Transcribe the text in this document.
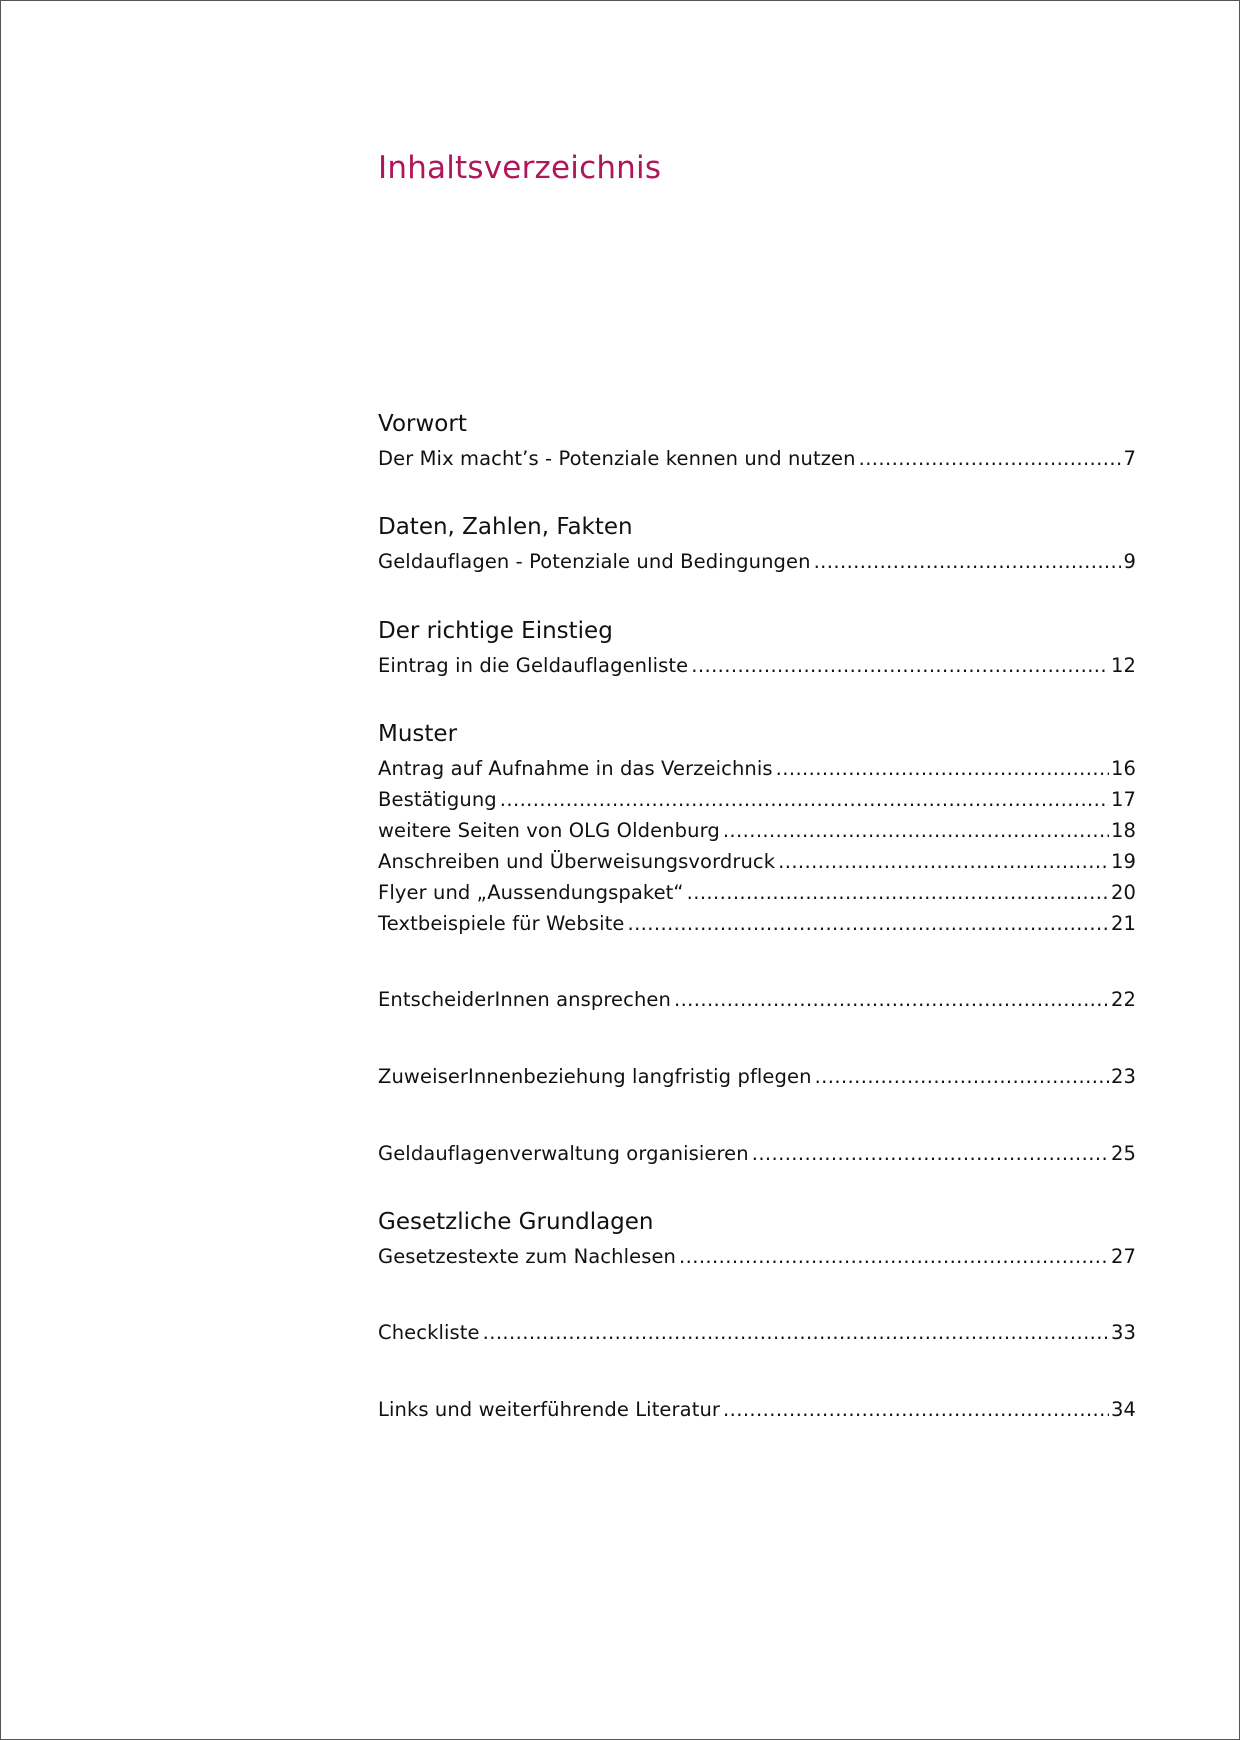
Inhaltsverzeichnis
Vorwort
Der Mix macht’s - Potenziale kennen und nutzen .....	7
Daten, Zahlen, Fakten
Geldauflagen - Potenziale und Bedingungen .....	9
Der richtige Einstieg
Eintrag in die Geldauflagenliste .....	12
Muster
Antrag auf Aufnahme in das Verzeichnis .....	16
Bestätigung .....	17
weitere Seiten von OLG Oldenburg .....	18
Anschreiben und Überweisungsvordruck .....	19
Flyer und „Aussendungspaket“ .....	20
Textbeispiele für Website .....	21
EntscheiderInnen ansprechen .....	22
ZuweiserInnenbeziehung langfristig pflegen .....	23
Geldauflagenverwaltung organisieren .....	25
Gesetzliche Grundlagen
Gesetzestexte zum Nachlesen .....	27
Checkliste .....	33
Links und weiterführende Literatur .....	34
